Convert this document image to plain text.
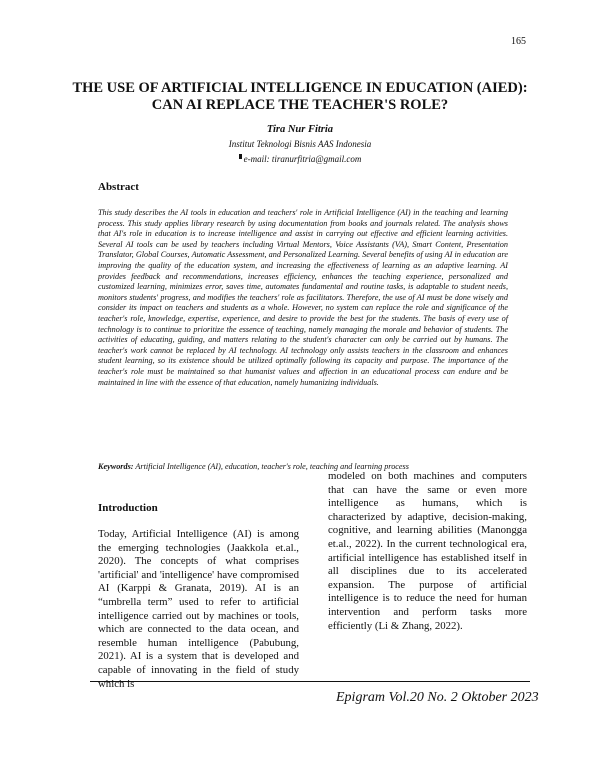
165
THE USE OF ARTIFICIAL INTELLIGENCE IN EDUCATION (AIED): CAN AI REPLACE THE TEACHER'S ROLE?
Tira Nur Fitria
Institut Teknologi Bisnis AAS Indonesia
e-mail: tiranurfitria@gmail.com
Abstract

This study describes the AI tools in education and teachers' role in Artificial Intelligence (AI) in the teaching and learning process. This study applies library research by using documentation from books and journals related. The analysis shows that AI's role in education is to increase intelligence and assist in carrying out effective and efficient learning activities. Several AI tools can be used by teachers including Virtual Mentors, Voice Assistants (VA), Smart Content, Presentation Translator, Global Courses, Automatic Assessment, and Personalized Learning. Several benefits of using AI in education are improving the quality of the education system, and increasing the effectiveness of learning as an adaptive learning. AI provides feedback and recommendations, increases efficiency, enhances the teaching experience, personalized and customized learning, minimizes error, saves time, automates fundamental and routine tasks, is adaptable to student needs, monitors students' progress, and modifies the teachers' role as facilitators. Therefore, the use of AI must be done wisely and consider its impact on teachers and students as a whole. However, no system can replace the role and significance of the teacher's role, knowledge, expertise, experience, and desire to provide the best for the students. The basis of every use of technology is to continue to prioritize the essence of teaching, namely managing the morale and behavior of students. The activities of educating, guiding, and matters relating to the student's character can only be carried out by humans. The teacher's work cannot be replaced by AI technology. AI technology only assists teachers in the classroom and enhances student learning, so its existence should be utilized optimally following its capacity and purpose. The importance of the teacher's role must be maintained so that humanist values and affection in an educational process can endure and be maintained in line with the essence of that education, namely humanizing individuals.

Keywords: Artificial Intelligence (AI), education, teacher's role, teaching and learning process

Introduction

Today, Artificial Intelligence (AI) is among the emerging technologies (Jaakkola et.al., 2020). The concepts of what comprises 'artificial' and 'intelligence' have compromised AI (Karppi & Granata, 2019). AI is an “umbrella term” used to refer to artificial intelligence carried out by machines or tools, which are connected to the data ocean, and resemble human intelligence (Pabubung, 2021). AI is a system that is developed and capable of innovating in the field of study which is

modeled on both machines and computers that can have the same or even more intelligence as humans, which is characterized by adaptive, decision-making, cognitive, and learning abilities (Manongga et.al., 2022). In the current technological era, artificial intelligence has established itself in all disciplines due to its accelerated expansion. The purpose of artificial intelligence is to reduce the need for human intervention and perform tasks more efficiently (Li & Zhang, 2022).

Epigram Vol.20 No. 2 Oktober 2023
